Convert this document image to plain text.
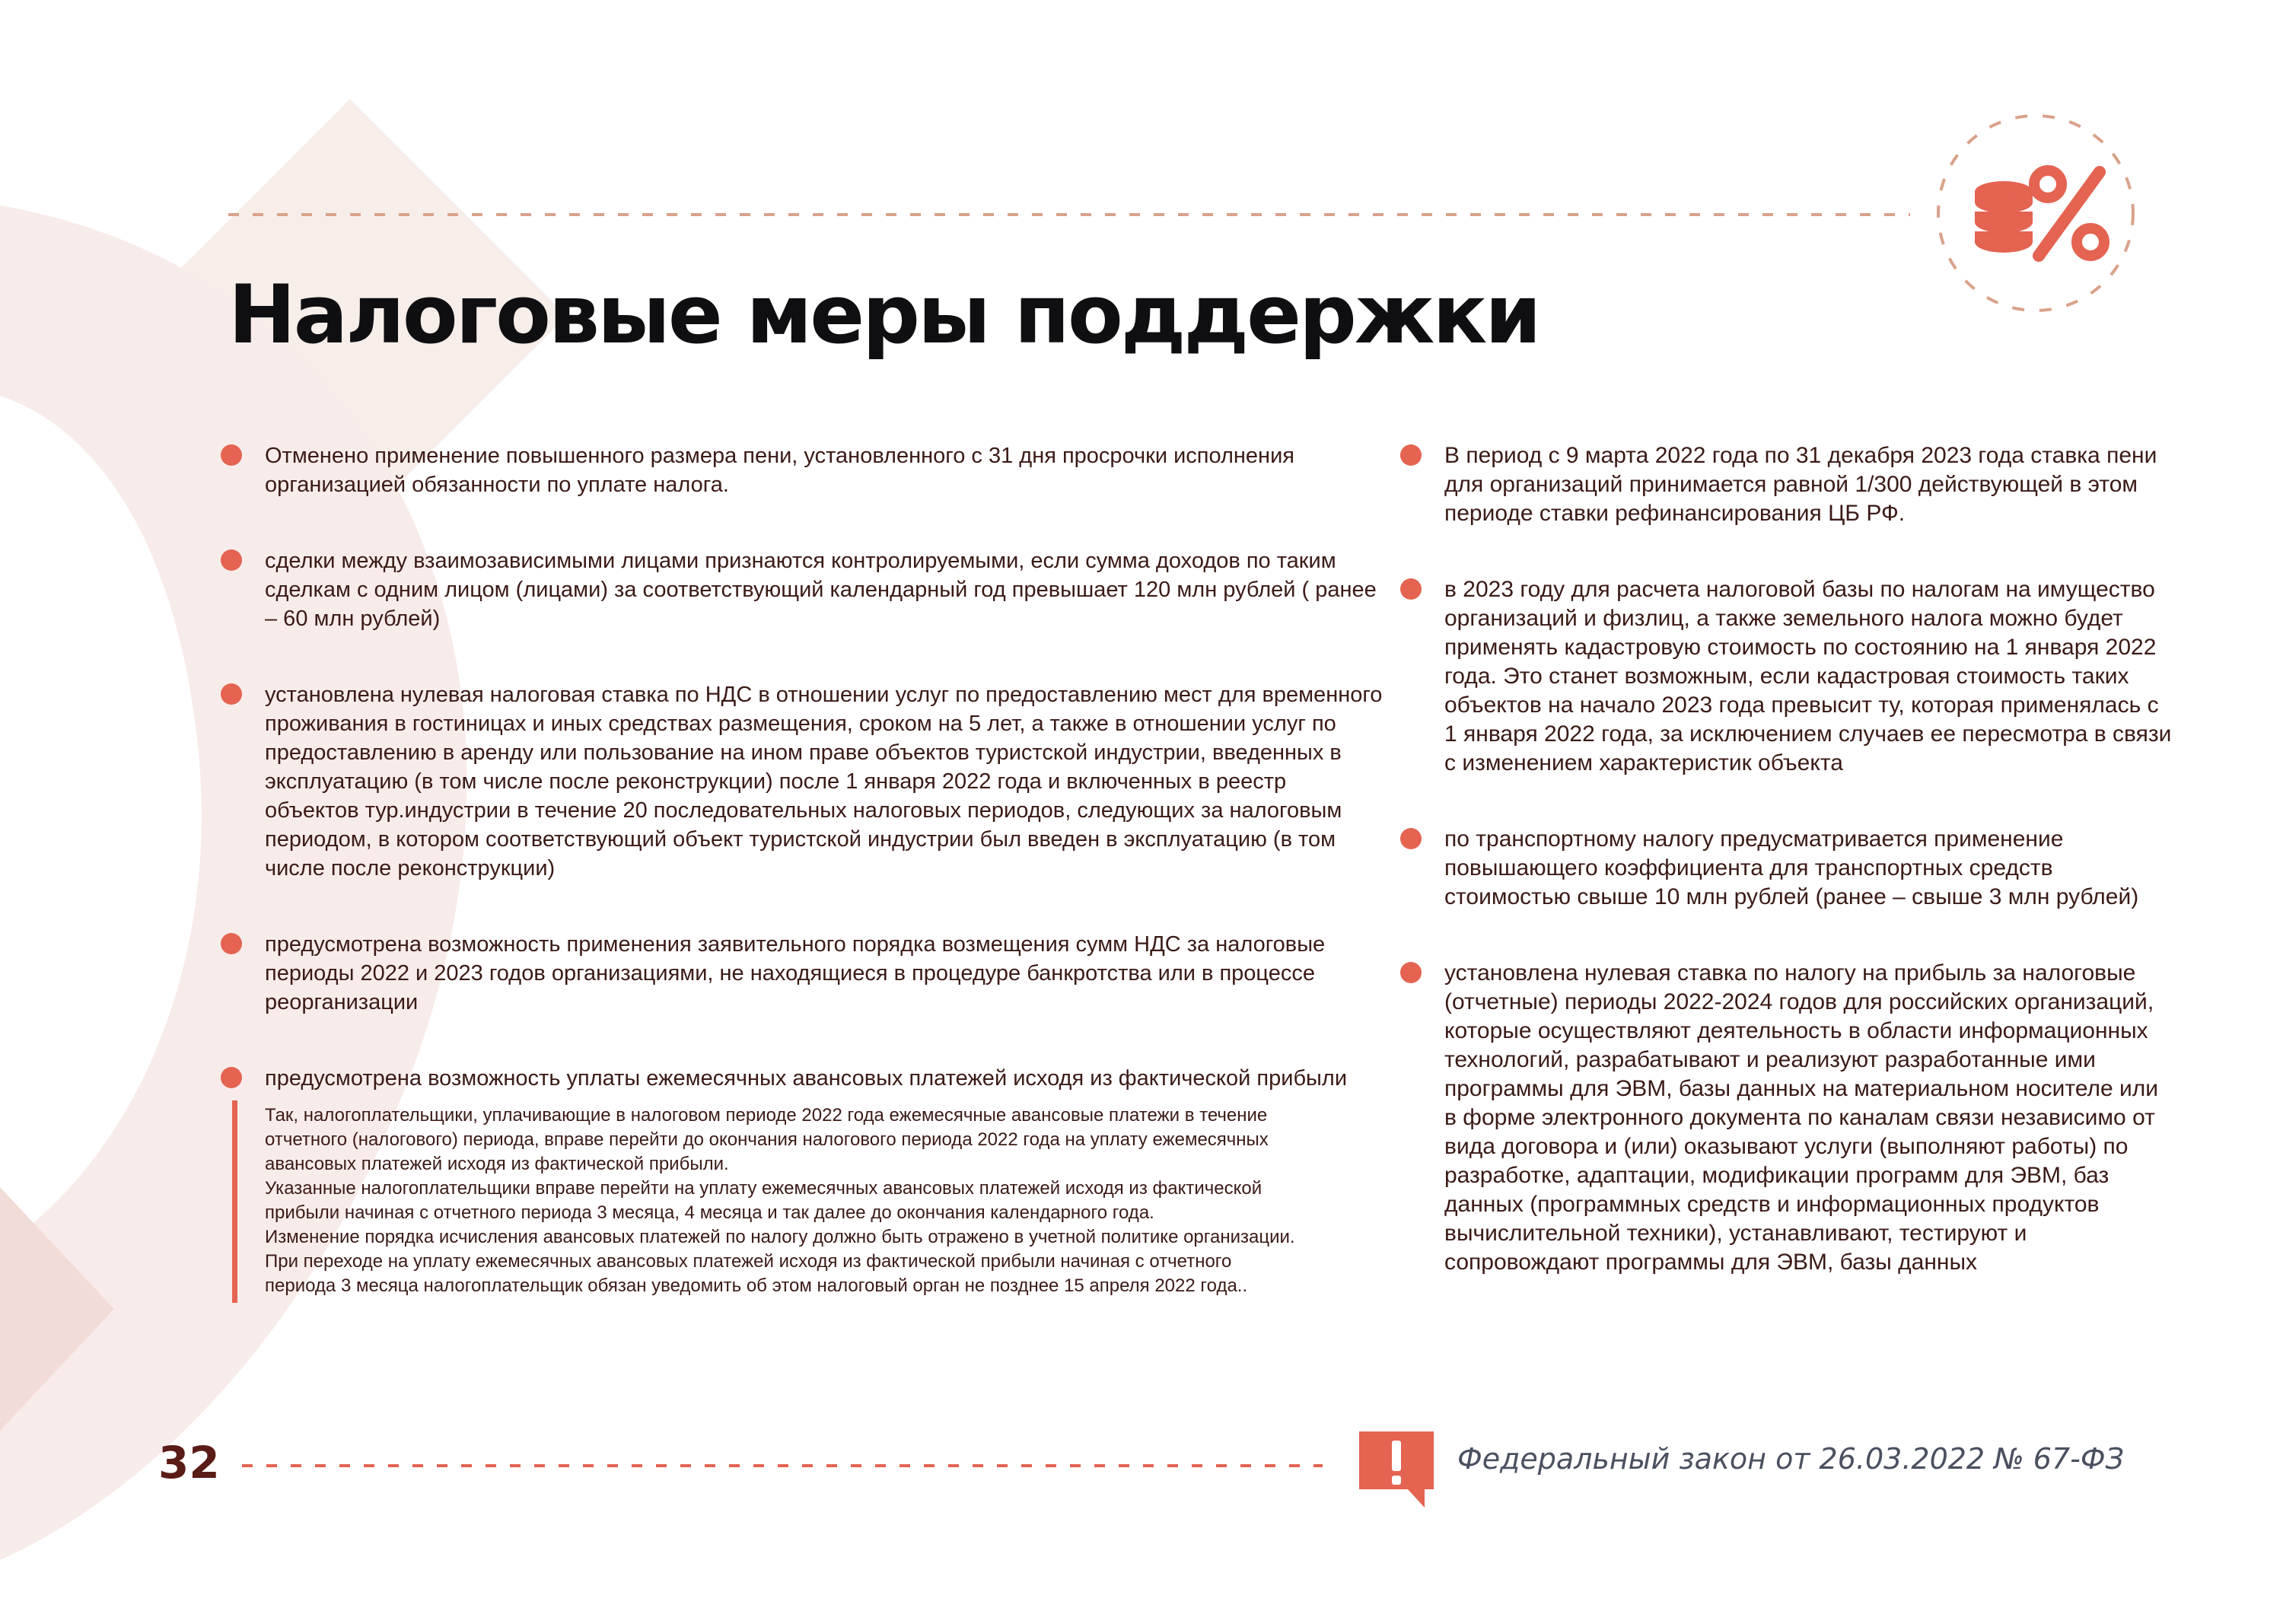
Налоговые меры поддержки
Отменено применение повышенного размера пени, установленного с 31 дня просрочки исполнения организацией обязанности по уплате налога.
сделки между взаимозависимыми лицами признаются контролируемыми, если сумма доходов по таким сделкам с одним лицом (лицами) за соответствующий календарный год превышает 120 млн рублей ( ранее – 60 млн рублей)
установлена нулевая налоговая ставка по НДС в отношении услуг по предоставлению мест для временного проживания в гостиницах и иных средствах размещения, сроком на 5 лет, а также в отношении услуг по предоставлению в аренду или пользование на ином праве объектов туристской индустрии, введенных в эксплуатацию (в том числе после реконструкции) после 1 января 2022 года и включенных в реестр объектов тур.индустрии в течение 20 последовательных налоговых периодов, следующих за налоговым периодом, в котором соответствующий объект туристской индустрии был введен в эксплуатацию (в том числе после реконструкции)
предусмотрена возможность применения заявительного порядка возмещения сумм НДС за налоговые периоды 2022 и 2023 годов организациями, не находящиеся в процедуре банкротства или в процессе реорганизации
предусмотрена возможность уплаты ежемесячных авансовых платежей исходя из фактической прибыли
Так, налогоплательщики, уплачивающие в налоговом периоде 2022 года ежемесячные авансовые платежи в течение
отчетного (налогового) периода, вправе перейти до окончания налогового периода 2022 года на уплату ежемесячных
авансовых платежей исходя из фактической прибыли.
Указанные налогоплательщики вправе перейти на уплату ежемесячных авансовых платежей исходя из фактической
прибыли начиная с отчетного периода 3 месяца, 4 месяца и так далее до окончания календарного года.
Изменение порядка исчисления авансовых платежей по налогу должно быть отражено в учетной политике организации.
При переходе на уплату ежемесячных авансовых платежей исходя из фактической прибыли начиная с отчетного
периода 3 месяца налогоплательщик обязан уведомить об этом налоговый орган не позднее 15 апреля 2022 года..
В период с 9 марта 2022 года по 31 декабря 2023 года ставка пени для организаций принимается равной 1/300 действующей в этом периоде ставки рефинансирования ЦБ РФ.
в 2023 году для расчета налоговой базы по налогам на имущество организаций и физлиц, а также земельного налога можно будет применять кадастровую стоимость по состоянию на 1 января 2022 года. Это станет возможным, если кадастровая стоимость таких объектов на начало 2023 года превысит ту, которая применялась с 1 января 2022 года, за исключением случаев ее пересмотра в связи с изменением характеристик объекта
по транспортному налогу предусматривается применение повышающего коэффициента для транспортных средств стоимостью свыше 10 млн рублей (ранее – свыше 3 млн рублей)
установлена нулевая ставка по налогу на прибыль за налоговые (отчетные) периоды 2022-2024 годов для российских организаций, которые осуществляют деятельность в области информационных технологий, разрабатывают и реализуют разработанные ими программы для ЭВМ, базы данных на материальном носителе или в форме электронного документа по каналам связи независимо от вида договора и (или) оказывают услуги (выполняют работы) по разработке, адаптации, модификации программ для ЭВМ, баз данных (программных средств и информационных продуктов вычислительной техники), устанавливают, тестируют и сопровождают программы для ЭВМ, базы данных
32	Федеральный закон от 26.03.2022 № 67-ФЗ
